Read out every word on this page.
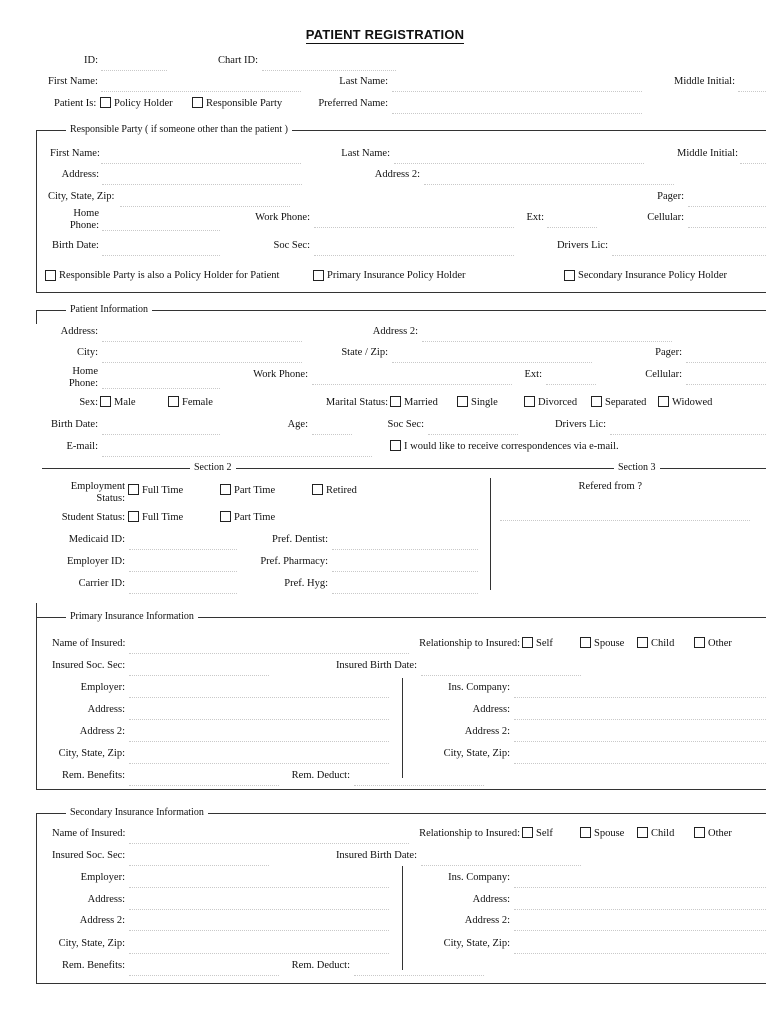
PATIENT REGISTRATION
ID:	Chart ID:
First Name:	Last Name:	Middle Initial:
Patient Is: Policy Holder	Responsible Party	Preferred Name:
Responsible Party ( if someone other than the patient )
First Name:	Last Name:	Middle Initial:
Address:	Address 2:
City, State, Zip:	Pager:
Home
Phone:
Work Phone:	Ext:	Cellular:
Birth Date:	Soc Sec:	Drivers Lic:
Responsible Party is also a Policy Holder for Patient	Primary Insurance Policy Holder	Secondary Insurance Policy Holder
Patient Information
Address:	Address 2:
City:	State / Zip:	Pager:
Home
Phone:
Work Phone:	Ext:	Cellular:
Sex: Male	Female	Marital Status: Married	Single	Divorced	Separated Widowed
Birth Date:	Age:	Soc Sec:	Drivers Lic:
E-mail:	I would like to receive correspondences via e-mail.
Section 2	Section 3
Employment
Status:
Full Time	Part Time	Retired	Refered from ?
Student Status: Full Time	Part Time
Medicaid ID:	Pref. Dentist:
Employer ID:	Pref. Pharmacy:
Carrier ID:	Pref. Hyg:
Primary Insurance Information
Name of Insured:	Relationship to Insured: Self	Spouse	Child	Other
Insured Soc. Sec:	Insured Birth Date:
Employer:	Ins. Company:
Address:	Address:
Address 2:	Address 2:
City, State, Zip:	City, State, Zip:
Rem. Benefits:	Rem. Deduct:
Secondary Insurance Information
Name of Insured:	Relationship to Insured: Self	Spouse	Child	Other
Insured Soc. Sec:	Insured Birth Date:
Employer:	Ins. Company:
Address:	Address:
Address 2:	Address 2:
City, State, Zip:	City, State, Zip:
Rem. Benefits:	Rem. Deduct:
